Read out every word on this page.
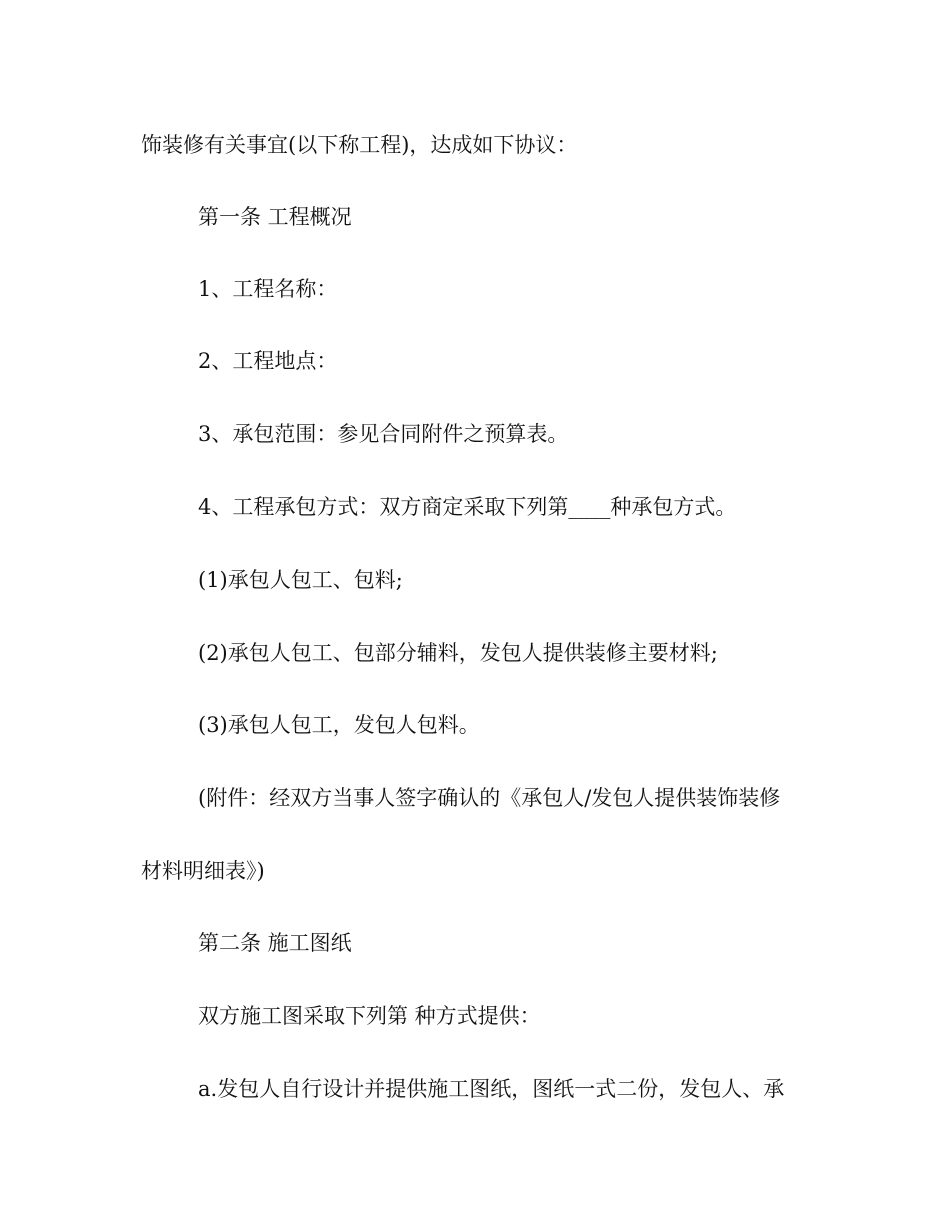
饰装修有关事宜(以下称工程)，达成如下协议：
第一条 工程概况
1、工程名称：
2、工程地点：
3、承包范围：参见合同附件之预算表。
4、工程承包方式：双方商定采取下列第____种承包方式。
(1)承包人包工、包料;
(2)承包人包工、包部分辅料，发包人提供装修主要材料;
(3)承包人包工，发包人包料。
(附件：经双方当事人签字确认的《承包人/发包人提供装饰装修
材料明细表》)
第二条 施工图纸
双方施工图采取下列第 种方式提供：
a.发包人自行设计并提供施工图纸，图纸一式二份，发包人、承
